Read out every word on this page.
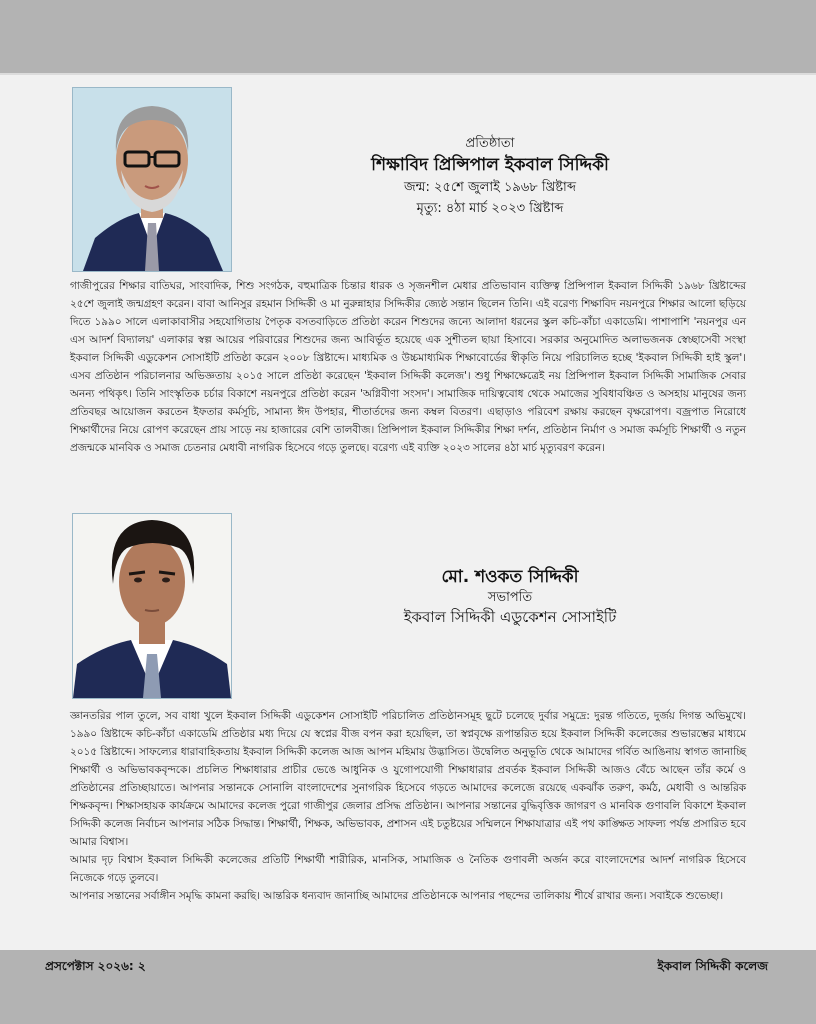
প্রতিষ্ঠাতা
শিক্ষাবিদ প্রিন্সিপাল ইকবাল সিদ্দিকী
জন্ম: ২৫শে জুলাই ১৯৬৮ খ্রিষ্টাব্দ
মৃত্যু: ৪ঠা মার্চ ২০২৩ খ্রিষ্টাব্দ

গাজীপুরের শিক্ষার বাতিঘর, সাংবাদিক, শিশু সংগঠক, বহুমাত্রিক চিন্তার ধারক ও সৃজনশীল মেধার প্রতিভাবান ব্যক্তিত্ব প্রিন্সিপাল ইকবাল সিদ্দিকী ১৯৬৮ খ্রিষ্টাব্দের ২৫শে জুলাই জন্মগ্রহণ করেন। বাবা আনিসুর রহমান সিদ্দিকী ও মা নুরুন্নাহার সিদ্দিকীর জ্যেষ্ঠ সন্তান ছিলেন তিনি। এই বরেণ্য শিক্ষাবিদ নয়নপুরে শিক্ষার আলো ছড়িয়ে দিতে ১৯৯০ সালে এলাকাবাসীর সহযোগিতায় পৈতৃক বসতবাড়িতে প্রতিষ্ঠা করেন শিশুদের জন্যে আলাদা ধরনের স্কুল কচি-কাঁচা একাডেমি। পাশাপাশি 'নয়নপুর এন এস আদর্শ বিদ্যালয়' এলাকার স্বল্প আয়ের পরিবারের শিশুদের জন্য আবির্ভূত হয়েছে এক সুশীতল ছায়া হিসাবে। সরকার অনুমোদিত অলাভজনক স্বেচ্ছাসেবী সংস্থা ইকবাল সিদ্দিকী এডুকেশন সোসাইটি প্রতিষ্ঠা করেন ২০০৮ খ্রিষ্টাব্দে। মাধ্যমিক ও উচ্চমাধ্যমিক শিক্ষাবোর্ডের স্বীকৃতি নিয়ে পরিচালিত হচ্ছে 'ইকবাল সিদ্দিকী হাই স্কুল'। এসব প্রতিষ্ঠান পরিচালনার অভিজ্ঞতায় ২০১৫ সালে প্রতিষ্ঠা করেছেন 'ইকবাল সিদ্দিকী কলেজ'। শুধু শিক্ষাক্ষেত্রেই নয় প্রিন্সিপাল ইকবাল সিদ্দিকী সামাজিক সেবার অনন্য পথিকৃৎ। তিনি সাংস্কৃতিক চর্চার বিকাশে নয়নপুরে প্রতিষ্ঠা করেন 'অগ্নিবীণা সংসদ'। সামাজিক দায়িত্ববোধ থেকে সমাজের সুবিধাবঞ্চিত ও অসহায় মানুষের জন্য প্রতিবছর আয়োজন করতেন ইফতার কর্মসূচি, সামান্য ঈদ উপহার, শীতার্তদের জন্য কম্বল বিতরণ। এছাড়াও পরিবেশ রক্ষায় করছেন বৃক্ষরোপণ। বজ্রপাত নিরোধে শিক্ষার্থীদের নিয়ে রোপণ করেছেন প্রায় সাড়ে নয় হাজারের বেশি তালবীজ। প্রিন্সিপাল ইকবাল সিদ্দিকীর শিক্ষা দর্শন, প্রতিষ্ঠান নির্মাণ ও সমাজ কর্মসূচি শিক্ষার্থী ও নতুন প্রজন্মকে মানবিক ও সমাজ চেতনার মেধাবী নাগরিক হিসেবে গড়ে তুলছে। বরেণ্য এই ব্যক্তি ২০২৩ সালের ৪ঠা মার্চ মৃত্যুবরণ করেন।

মো. শওকত সিদ্দিকী
সভাপতি
ইকবাল সিদ্দিকী এডুকেশন সোসাইটি

জ্ঞানতরির পাল তুলে, সব বাধা খুলে ইকবাল সিদ্দিকী এডুকেশন সোসাইটি পরিচালিত প্রতিষ্ঠানসমূহ ছুটে চলেছে দুর্বার সমুদ্রে: দুরন্ত গতিতে, দুর্জয় দিগন্ত অভিমুখে। ১৯৯০ খ্রিষ্টাব্দে কচি-কাঁচা একাডেমি প্রতিষ্ঠার মধ্য দিয়ে যে স্বপ্নের বীজ বপন করা হয়েছিল, তা স্বপ্নবৃক্ষে রূপান্তরিত হয়ে ইকবাল সিদ্দিকী কলেজের শুভারম্ভের মাধ্যমে ২০১৫ খ্রিষ্টাব্দে। সাফল্যের ধারাবাহিকতায় ইকবাল সিদ্দিকী কলেজ আজ আপন মহিমায় উদ্ভাসিত। উদ্বেলিত অনুভূতি থেকে আমাদের গর্বিত আঙিনায় স্বাগত জানাচ্ছি শিক্ষার্থী ও অভিভাবকবৃন্দকে। প্রচলিত শিক্ষাধারার প্রাচীর ভেঙে আধুনিক ও যুগোপযোগী শিক্ষাধারার প্রবর্তক ইকবাল সিদ্দিকী আজও বেঁচে আছেন তাঁর কর্মে ও প্রতিষ্ঠানের প্রতিচ্ছায়াতে। আপনার সন্তানকে সোনালি বাংলাদেশের সুনাগরিক হিসেবে গড়তে আমাদের কলেজে রয়েছে একঝাঁক তরুণ, কর্মঠ, মেধাবী ও আন্তরিক শিক্ষকবৃন্দ। শিক্ষাসহায়ক কার্যক্রমে আমাদের কলেজ পুরো গাজীপুর জেলার প্রসিদ্ধ প্রতিষ্ঠান। আপনার সন্তানের বুদ্ধিবৃত্তিক জাগরণ ও মানবিক গুণাবলি বিকাশে ইকবাল সিদ্দিকী কলেজ নির্বাচন আপনার সঠিক সিদ্ধান্ত। শিক্ষার্থী, শিক্ষক, অভিভাবক, প্রশাসন এই চতুষ্টয়ের সম্মিলনে শিক্ষাযাত্রার এই পথ কাঙ্ক্ষিত সাফল্য পর্যন্ত প্রসারিত হবে আমার বিশ্বাস।

আমার দৃঢ় বিশ্বাস ইকবাল সিদ্দিকী কলেজের প্রতিটি শিক্ষার্থী শারীরিক, মানসিক, সামাজিক ও নৈতিক গুণাবলী অর্জন করে বাংলাদেশের আদর্শ নাগরিক হিসেবে নিজেকে গড়ে তুলবে।

আপনার সন্তানের সর্বাঙ্গীন সমৃদ্ধি কামনা করছি। আন্তরিক ধন্যবাদ জানাচ্ছি আমাদের প্রতিষ্ঠানকে আপনার পছন্দের তালিকায় শীর্ষে রাখার জন্য। সবাইকে শুভেচ্ছা।

প্রসপেক্টাস ২০২৬: ২	ইকবাল সিদ্দিকী কলেজ
